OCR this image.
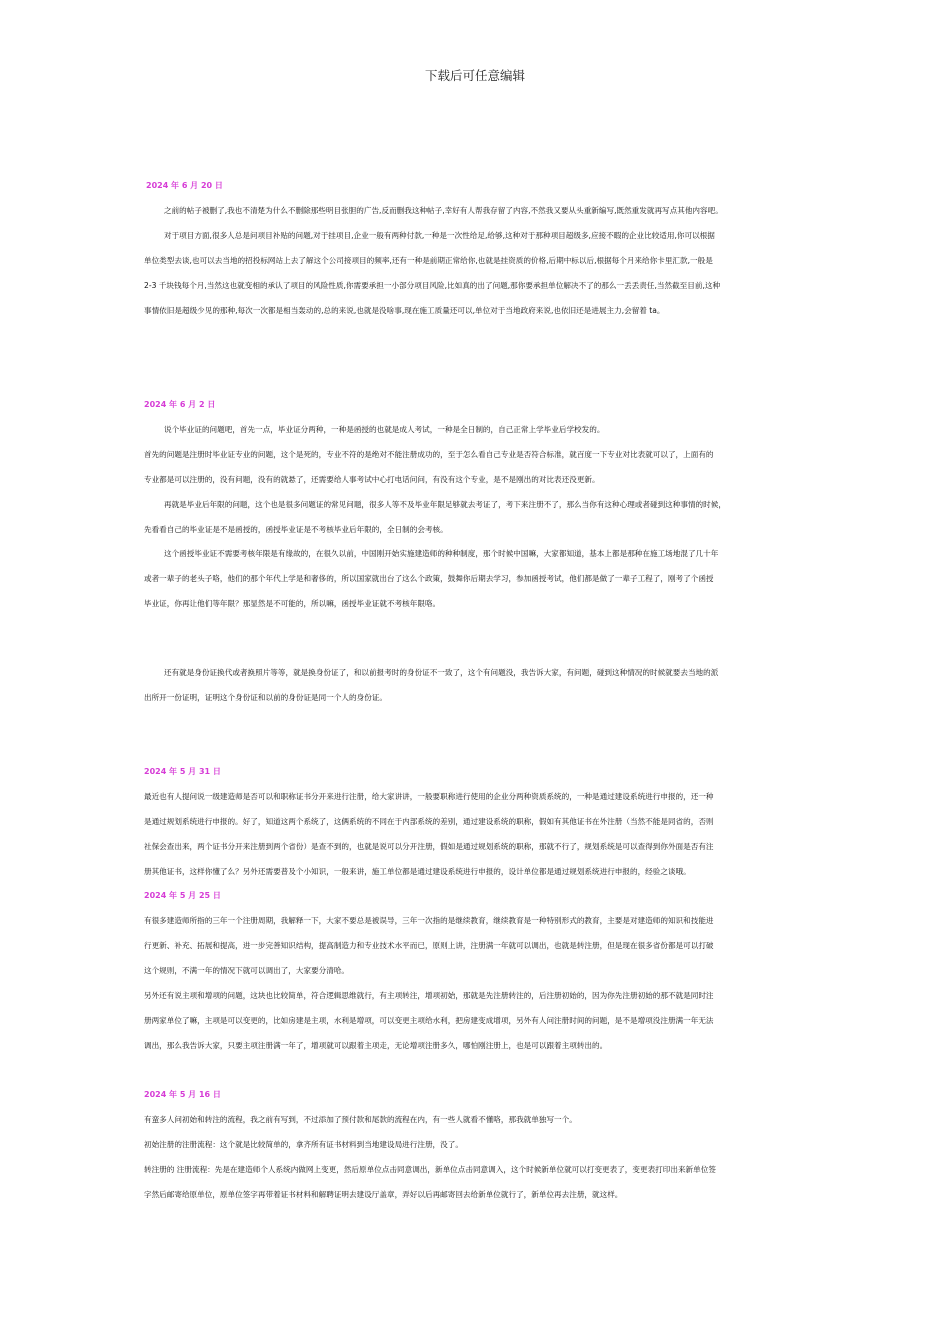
下载后可任意编辑
2024 年 6 月 20 日
之前的帖子被删了,我也不清楚为什么不删除那些明目张胆的广告,反而删我这种帖子,幸好有人帮我存留了内容,不然我又要从头重新编写,既然重发就再写点其他内容吧。
对于项目方面,很多人总是问项目补贴的问题,对于挂项目,企业一般有两种付款,一种是一次性给足,给够,这种对于那种项目超级多,应接不暇的企业比较适用,你可以根据
单位类型去谈,也可以去当地的招投标网站上去了解这个公司接项目的频率,还有一种是前期正常给你,也就是挂资质的价格,后期中标以后,根据每个月来给你卡里汇款,一般是
2-3 千块钱每个月,当然这也就变相的承认了项目的风险性质,你需要承担一小部分项目风险,比如真的出了问题,那你要承担单位解决不了的那么一丢丢责任,当然截至目前,这种
事情依旧是超级少见的那种,每次一次都是相当轰动的,总的来说,也就是没啥事,现在施工质量还可以,单位对于当地政府来说,也依旧还是进展主力,会留着 ta。
2024 年 6 月 2 日
说个毕业证的问题吧，首先一点，毕业证分两种，一种是函授的也就是成人考试，一种是全日制的，自己正常上学毕业后学校发的。
首先的问题是注册时毕业证专业的问题，这个是死的，专业不符的是绝对不能注册成功的，至于怎么看自己专业是否符合标准，就百度一下专业对比表就可以了，上面有的
专业都是可以注册的，没有问题，没有的就悬了，还需要给人事考试中心打电话问问，有没有这个专业，是不是刚出的对比表还没更新。
再就是毕业后年限的问题，这个也是很多问题证的常见问题，很多人等不及毕业年限足够就去考证了，考下来注册不了，那么当你有这种心理或者碰到这种事情的时候，
先看看自己的毕业证是不是函授的，函授毕业证是不考核毕业后年限的，全日制的会考核。
这个函授毕业证不需要考核年限是有缘故的，在很久以前，中国刚开始实施建造师的种种制度，那个时候中国嘛，大家都知道，基本上都是那种在施工场地混了几十年
或者一辈子的老头子咯，他们的那个年代上学是和奢侈的，所以国家就出台了这么个政策，鼓舞你后期去学习，参加函授考试，他们都是做了一辈子工程了，刚考了个函授
毕业证，你再让他们等年限？那显然是不可能的，所以嘛，函授毕业证就不考核年限咯。
还有就是身份证换代或者换照片等等，就是换身份证了，和以前报考时的身份证不一致了，这个有问题没，我告诉大家，有问题，碰到这种情况的时候就要去当地的派
出所开一份证明，证明这个身份证和以前的身份证是同一个人的身份证。
2024 年 5 月 31 日
最近也有人提问说一级建造师是否可以和职称证书分开来进行注册，给大家讲讲，一般要职称进行使用的企业分两种资质系统的，一种是通过建设系统进行申报的，还一种
是通过规划系统进行申报的。好了，知道这两个系统了，这俩系统的不同在于内部系统的差别，通过建设系统的职称，假如有其他证书在外注册（当然不能是同省的，否则
社保会查出来，两个证书分开来注册到两个省份）是查不到的，也就是说可以分开注册，假如是通过规划系统的职称，那就不行了，规划系统是可以查得到你外面是否有注
册其他证书，这样你懂了么？另外还需要普及个小知识，一般来讲，施工单位都是通过建设系统进行申报的，设计单位都是通过规划系统进行申报的，经验之谈哦。
2024 年 5 月 25 日
有很多建造师所指的三年一个注册周期，我解释一下，大家不要总是被误导，三年一次指的是继续教育，继续教育是一种特别形式的教育，主要是对建造师的知识和技能进
行更新、补充、拓展和提高，进一步完善知识结构，提高制造力和专业技术水平而已，原则上讲，注册满一年就可以调出，也就是转注册，但是现在很多省份都是可以打破
这个规则，不满一年的情况下就可以调出了，大家要分清哈。
另外还有说主项和增项的问题，这块也比较简单，符合逻辑思维就行，有主项转注，增项初始，那就是先注册转注的，后注册初始的，因为你先注册初始的那不就是同时注
册两家单位了嘛，主项是可以变更的，比如房建是主项，水利是增项，可以变更主项给水利，把房建变成增项，另外有人问注册时间的问题，是不是增项没注册满一年无法
调出，那么我告诉大家，只要主项注册满一年了，增项就可以跟着主项走，无论增项注册多久，哪怕刚注册上，也是可以跟着主项转出的。
2024 年 5 月 16 日
有蛮多人问初始和转注的流程，我之前有写到，不过添加了预付款和尾款的流程在内，有一些人就看不懂咯，那我就单独写一个。
初始注册的注册流程：这个就是比较简单的，拿齐所有证书材料到当地建设局进行注册，没了。
转注册的 注册流程：先是在建造师个人系统内做网上变更，然后原单位点击同意调出，新单位点击同意调入，这个时候新单位就可以打变更表了，变更表打印出来新单位签
字然后邮寄给原单位，原单位签字再带着证书材料和解聘证明去建设厅盖章，弄好以后再邮寄回去给新单位就行了，新单位再去注册，就这样。
